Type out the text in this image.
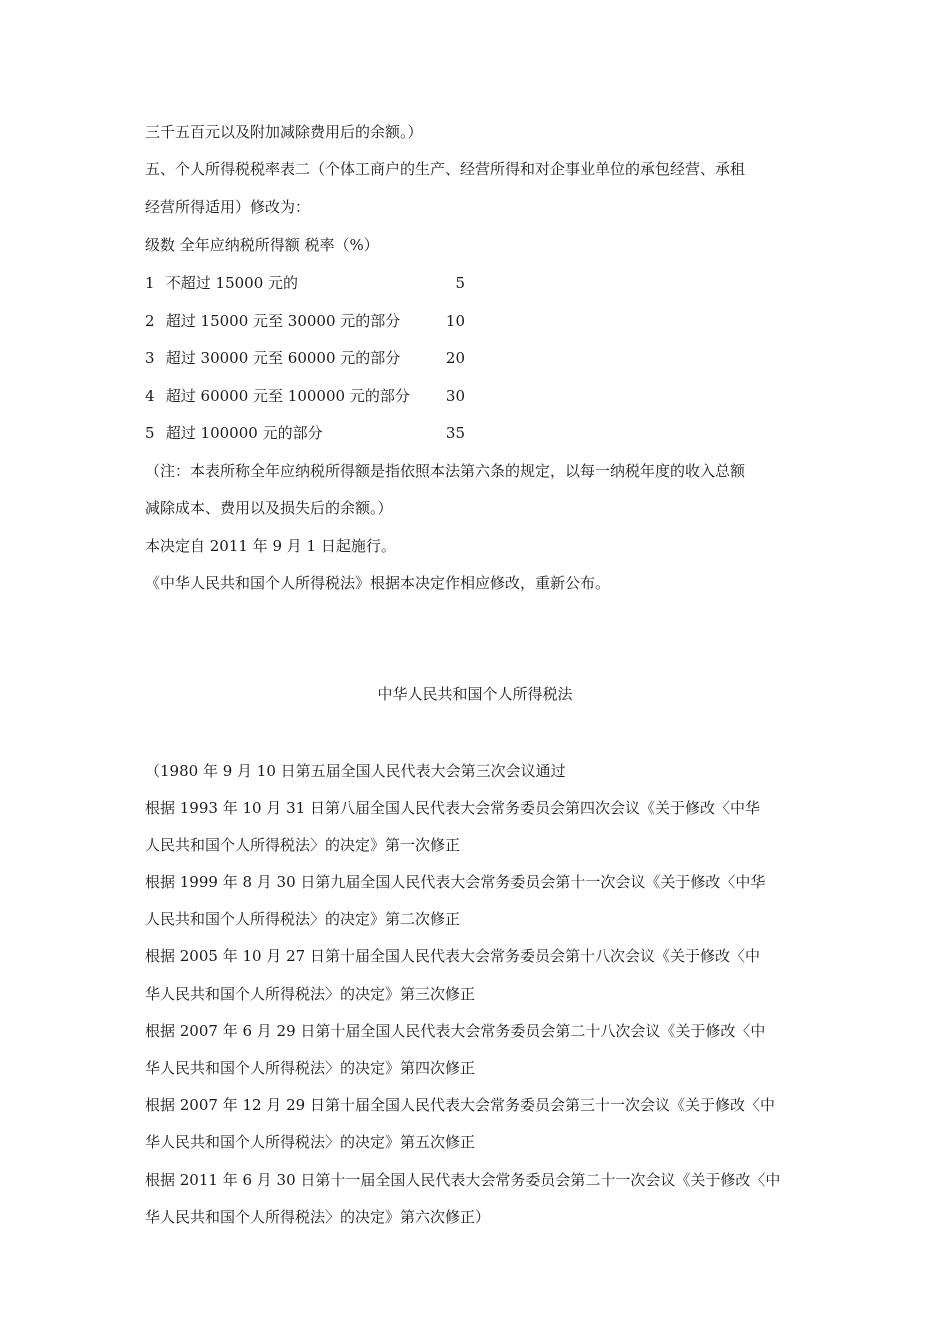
三千五百元以及附加减除费用后的余额。）
五、个人所得税税率表二（个体工商户的生产、经营所得和对企事业单位的承包经营、承租
经营所得适用）修改为：
级数 全年应纳税所得额 税率（%）
1 不超过 15000 元的	5
2 超过 15000 元至 30000 元的部分	10
3 超过 30000 元至 60000 元的部分	20
4 超过 60000 元至 100000 元的部分	30
5 超过 100000 元的部分	35
（注：本表所称全年应纳税所得额是指依照本法第六条的规定，以每一纳税年度的收入总额
减除成本、费用以及损失后的余额。）
本决定自 2011 年 9 月 1 日起施行。
《中华人民共和国个人所得税法》根据本决定作相应修改，重新公布。
中华人民共和国个人所得税法
（1980 年 9 月 10 日第五届全国人民代表大会第三次会议通过
根据 1993 年 10 月 31 日第八届全国人民代表大会常务委员会第四次会议《关于修改〈中华
人民共和国个人所得税法〉的决定》第一次修正
根据 1999 年 8 月 30 日第九届全国人民代表大会常务委员会第十一次会议《关于修改〈中华
人民共和国个人所得税法〉的决定》第二次修正
根据 2005 年 10 月 27 日第十届全国人民代表大会常务委员会第十八次会议《关于修改〈中
华人民共和国个人所得税法〉的决定》第三次修正
根据 2007 年 6 月 29 日第十届全国人民代表大会常务委员会第二十八次会议《关于修改〈中
华人民共和国个人所得税法〉的决定》第四次修正
根据 2007 年 12 月 29 日第十届全国人民代表大会常务委员会第三十一次会议《关于修改〈中
华人民共和国个人所得税法〉的决定》第五次修正
根据 2011 年 6 月 30 日第十一届全国人民代表大会常务委员会第二十一次会议《关于修改〈中
华人民共和国个人所得税法〉的决定》第六次修正）
